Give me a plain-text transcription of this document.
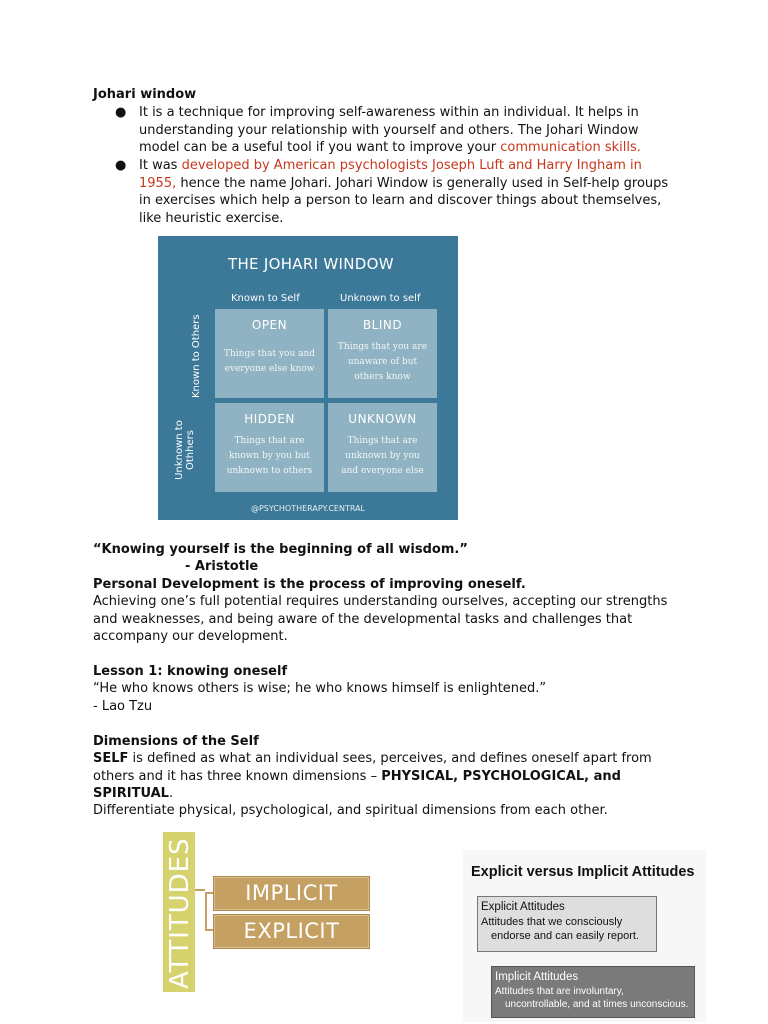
Johari window
● It is a technique for improving self-awareness within an individual. It helps in understanding your relationship with yourself and others. The Johari Window model can be a useful tool if you want to improve your communication skills.

● It was developed by American psychologists Joseph Luft and Harry Ingham in 1955, hence the name Johari. Johari Window is generally used in Self-help groups in exercises which help a person to learn and discover things about themselves, like heuristic exercise.

THE JOHARI WINDOW
Known to Self	Unknown to self
Known to Others
Unknown to Othhers
OPEN
Things that you and
everyone else know
BLIND
Things that you are
unaware of but
others know
HIDDEN
Things that are
known by you but
unknown to others
UNKNOWN
Things that are
unknown by you
and everyone else
@PSYCHOTHERAPY.CENTRAL
“Knowing yourself is the beginning of all wisdom.”
- Aristotle
Personal Development is the process of improving oneself.

Achieving one’s full potential requires understanding ourselves, accepting our strengths and weaknesses, and being aware of the developmental tasks and challenges that accompany our development.

Lesson 1: knowing oneself
“He who knows others is wise; he who knows himself is enlightened.”
- Lao Tzu
Dimensions of the Self

SELF is defined as what an individual sees, perceives, and defines oneself apart from others and it has three known dimensions – PHYSICAL, PSYCHOLOGICAL, and SPIRITUAL.

Differentiate physical, psychological, and spiritual dimensions from each other.
ATTITUDES	IMPLICIT
EXPLICIT
Explicit versus Implicit Attitudes
Explicit Attitudes
Attitudes that we consciously
endorse and can easily report.
Implicit Attitudes
Attitudes that are involuntary,
uncontrollable, and at times unconscious.
